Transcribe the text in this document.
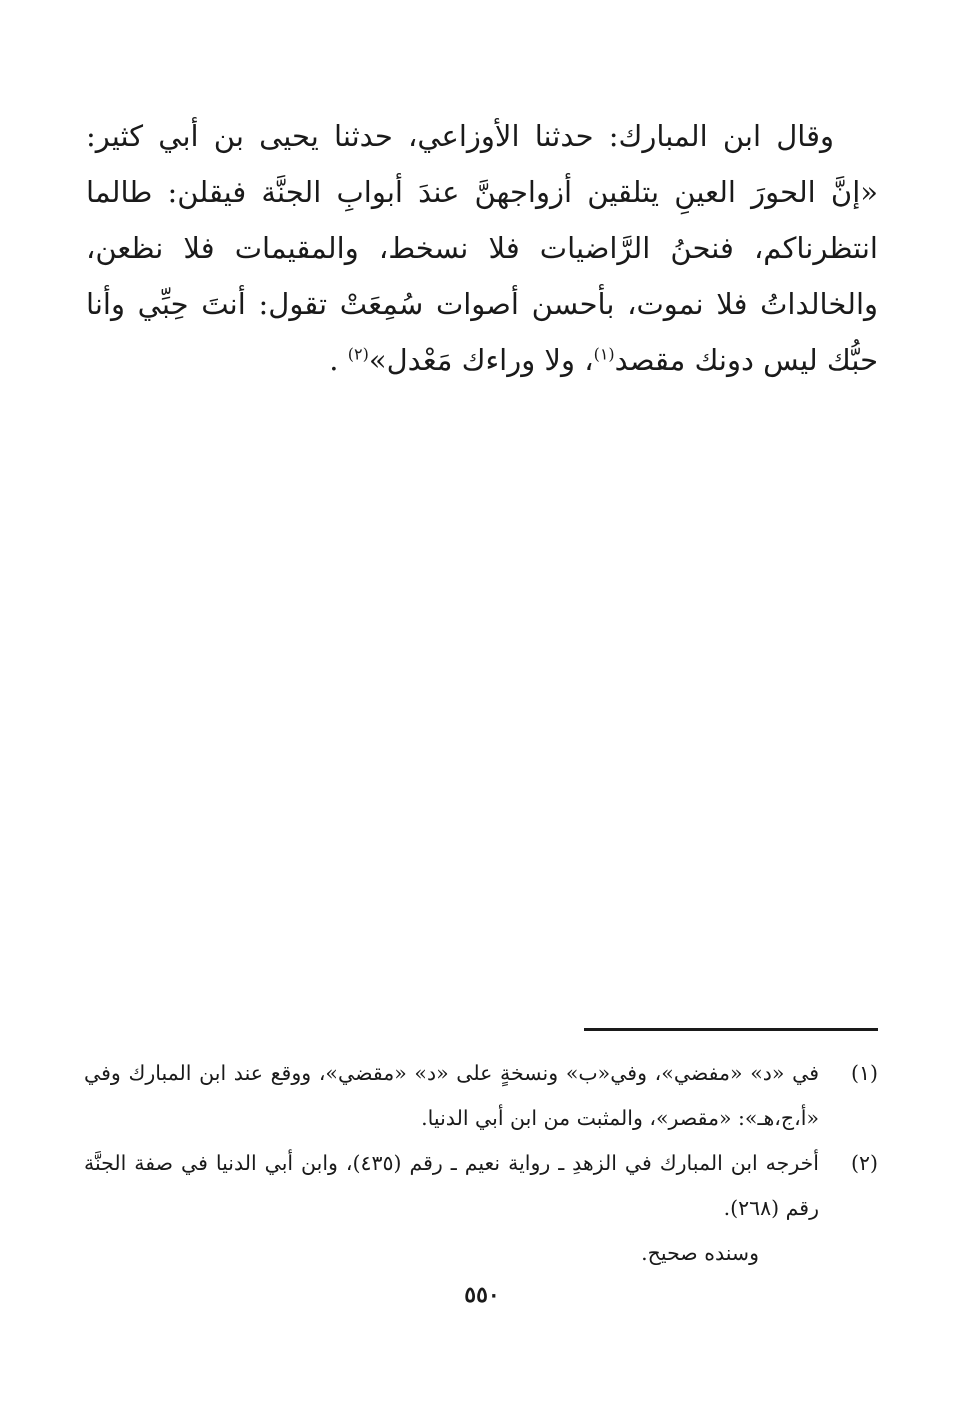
وقال ابن المبارك: حدثنا الأوزاعي، حدثنا يحيى بن أبي كثير: «إنَّ الحورَ العينِ يتلقين أزواجهنَّ عندَ أبوابِ الجنَّة فيقلن: طالما انتظرناكم، فنحنُ الرَّاضيات فلا نسخط، والمقيمات فلا نظعن، والخالداتُ فلا نموت، بأحسن أصوات سُمِعَتْ تقول: أنتَ حِبِّي وأنا حبُّك ليس دونك مقصد$^{(١)}$، ولا وراءك مَعْدل»$^{(٢)}$ .

(١)
في «د» «مفضي»، وفي«ب» ونسخةٍ على «د» «مقضي»، ووقع عند ابن المبارك وفي «أ،ج،هـ»: «مقصر»، والمثبت من ابن أبي الدنيا.
(٢)
أخرجه ابن المبارك في الزهدِ ـ رواية نعيم ـ رقم (٤٣٥)، وابن أبي الدنيا في صفة الجنَّة رقم (٢٦٨).
وسنده صحيح.
٥٥٠
